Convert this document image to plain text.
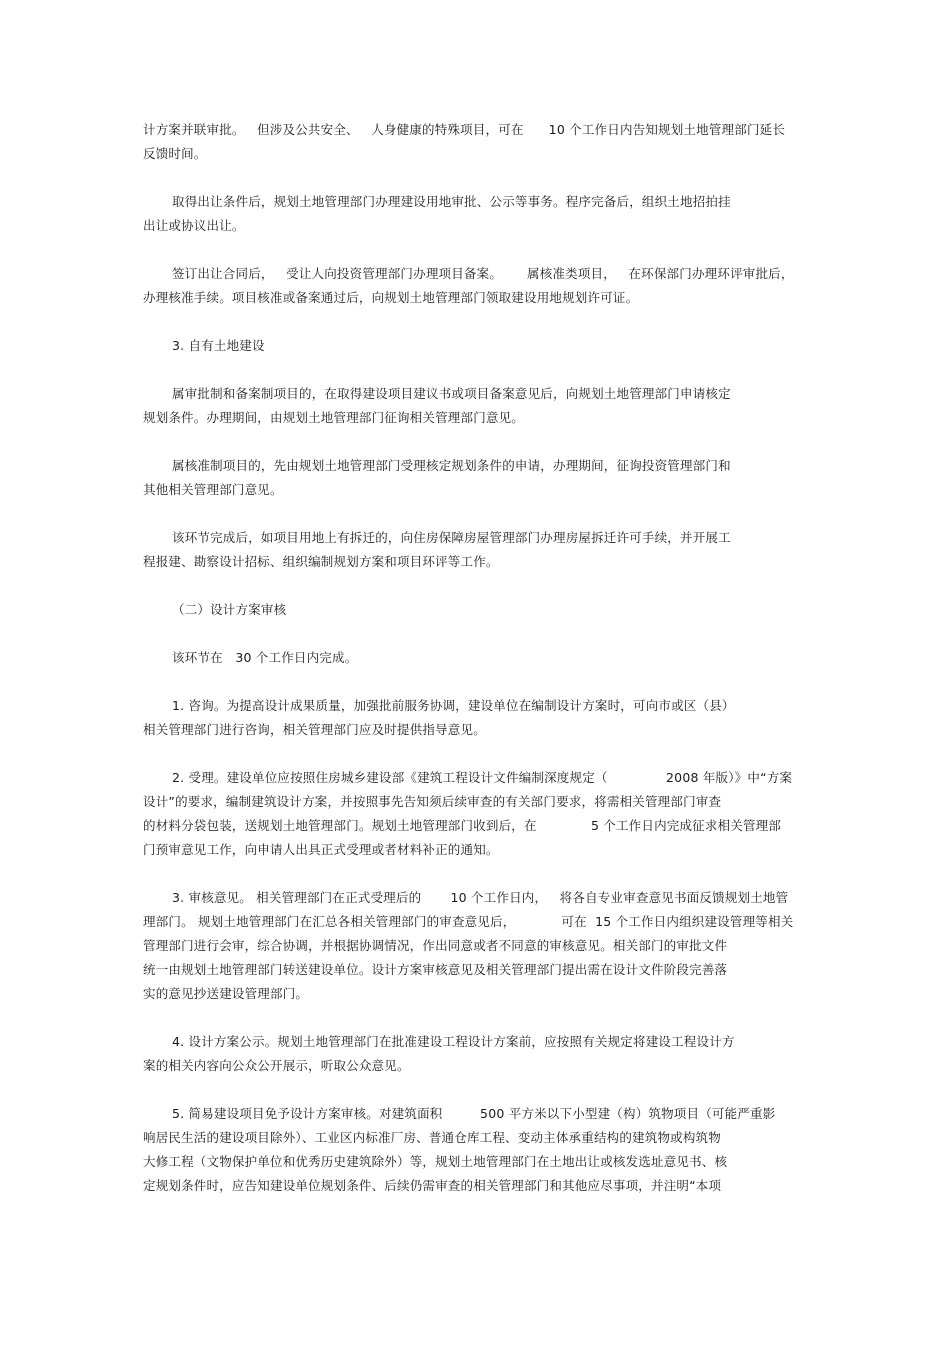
计方案并联审批。   但涉及公共安全、   人身健康的特殊项目，可在      10 个工作日内告知规划土地管理部门延长
反馈时间。
取得出让条件后，规划土地管理部门办理建设用地审批、公示等事务。程序完备后，组织土地招拍挂
出让或协议出让。
签订出让合同后，   受让人向投资管理部门办理项目备案。      属核准类项目，   在环保部门办理环评审批后，
办理核准手续。项目核准或备案通过后，向规划土地管理部门领取建设用地规划许可证。
3. 自有土地建设
属审批制和备案制项目的，在取得建设项目建议书或项目备案意见后，向规划土地管理部门申请核定
规划条件。办理期间，由规划土地管理部门征询相关管理部门意见。
属核准制项目的，先由规划土地管理部门受理核定规划条件的申请，办理期间，征询投资管理部门和
其他相关管理部门意见。
该环节完成后，如项目用地上有拆迁的，向住房保障房屋管理部门办理房屋拆迁许可手续，并开展工
程报建、勘察设计招标、组织编制规划方案和项目环评等工作。
（二）设计方案审核
该环节在   30 个工作日内完成。
1. 咨询。为提高设计成果质量，加强批前服务协调，建设单位在编制设计方案时，可向市或区（县）
相关管理部门进行咨询，相关管理部门应及时提供指导意见。
2. 受理。建设单位应按照住房城乡建设部《建筑工程设计文件编制深度规定（              2008 年版）》中“方案
设计”的要求，编制建筑设计方案，并按照事先告知须后续审查的有关部门要求，将需相关管理部门审查
的材料分袋包装，送规划土地管理部门。规划土地管理部门收到后，在             5 个工作日内完成征求相关管理部
门预审意见工作，向申请人出具正式受理或者材料补正的通知。
3. 审核意见。 相关管理部门在正式受理后的       10 个工作日内，   将各自专业审查意见书面反馈规划土地管
理部门。 规划土地管理部门在汇总各相关管理部门的审查意见后，           可在  15 个工作日内组织建设管理等相关
管理部门进行会审，综合协调，并根据协调情况，作出同意或者不同意的审核意见。相关部门的审批文件
统一由规划土地管理部门转送建设单位。设计方案审核意见及相关管理部门提出需在设计文件阶段完善落
实的意见抄送建设管理部门。
4. 设计方案公示。规划土地管理部门在批准建设工程设计方案前，应按照有关规定将建设工程设计方
案的相关内容向公众公开展示，听取公众意见。
5. 简易建设项目免予设计方案审核。对建筑面积         500 平方米以下小型建（构）筑物项目（可能严重影
响居民生活的建设项目除外）、工业区内标准厂房、普通仓库工程、变动主体承重结构的建筑物或构筑物
大修工程（文物保护单位和优秀历史建筑除外）等，规划土地管理部门在土地出让或核发选址意见书、核
定规划条件时，应告知建设单位规划条件、后续仍需审查的相关管理部门和其他应尽事项，并注明“本项
